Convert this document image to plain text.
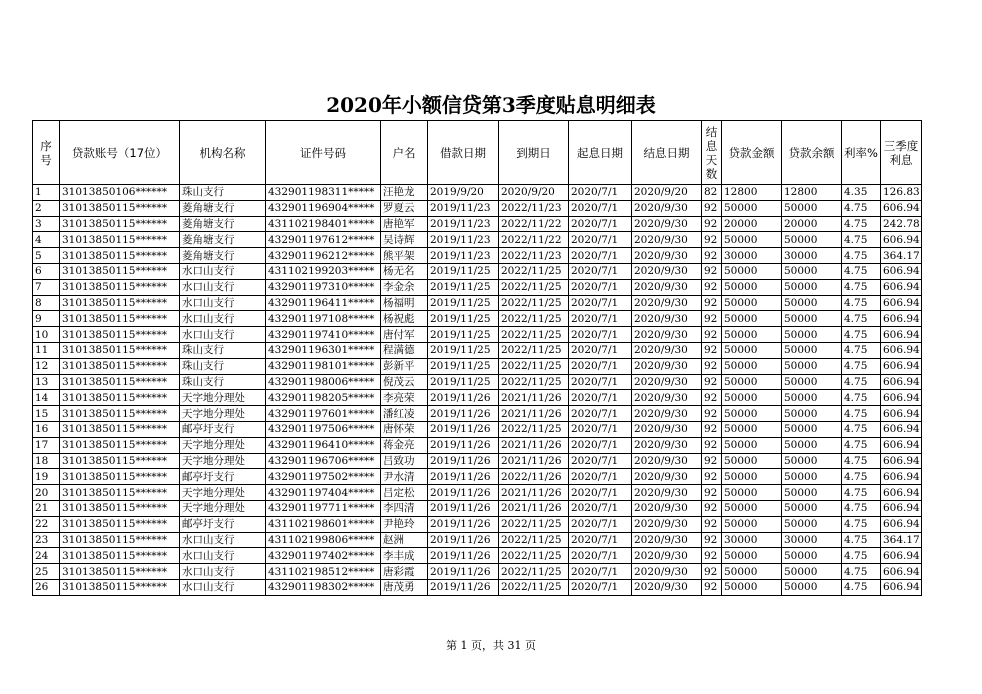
2020年小额信贷第3季度贴息明细表
序号	贷款账号（17位）	机构名称	证件号码	户名	借款日期	到期日	起息日期	结息日期	结息天数	贷款金额	贷款余额	利率%	三季度利息
1	31013850106******	珠山支行	432901198311*****	汪艳龙	2019/9/20	2020/9/20	2020/7/1	2020/9/20	82	12800	12800	4.35	126.83
2	31013850115******	菱角塘支行	432901196904*****	罗夏云	2019/11/23	2022/11/23	2020/7/1	2020/9/30	92	50000	50000	4.75	606.94
3	31013850115******	菱角塘支行	431102198401*****	唐艳军	2019/11/23	2022/11/22	2020/7/1	2020/9/30	92	20000	20000	4.75	242.78
4	31013850115******	菱角塘支行	432901197612*****	吴诗辉	2019/11/23	2022/11/22	2020/7/1	2020/9/30	92	50000	50000	4.75	606.94
5	31013850115******	菱角塘支行	432901196212*****	熊平架	2019/11/23	2022/11/23	2020/7/1	2020/9/30	92	30000	30000	4.75	364.17
6	31013850115******	水口山支行	431102199203*****	杨无名	2019/11/25	2022/11/25	2020/7/1	2020/9/30	92	50000	50000	4.75	606.94
7	31013850115******	水口山支行	432901197310*****	李金余	2019/11/25	2022/11/25	2020/7/1	2020/9/30	92	50000	50000	4.75	606.94
8	31013850115******	水口山支行	432901196411*****	杨福明	2019/11/25	2022/11/25	2020/7/1	2020/9/30	92	50000	50000	4.75	606.94
9	31013850115******	水口山支行	432901197108*****	杨祝彪	2019/11/25	2022/11/25	2020/7/1	2020/9/30	92	50000	50000	4.75	606.94
10	31013850115******	水口山支行	432901197410*****	唐付军	2019/11/25	2022/11/25	2020/7/1	2020/9/30	92	50000	50000	4.75	606.94
11	31013850115******	珠山支行	432901196301*****	程满德	2019/11/25	2022/11/25	2020/7/1	2020/9/30	92	50000	50000	4.75	606.94
12	31013850115******	珠山支行	432901198101*****	彭新平	2019/11/25	2022/11/25	2020/7/1	2020/9/30	92	50000	50000	4.75	606.94
13	31013850115******	珠山支行	432901198006*****	倪茂云	2019/11/25	2022/11/25	2020/7/1	2020/9/30	92	50000	50000	4.75	606.94
14	31013850115******	天字地分理处	432901198205*****	李亮荣	2019/11/26	2021/11/26	2020/7/1	2020/9/30	92	50000	50000	4.75	606.94
15	31013850115******	天字地分理处	432901197601*****	潘红凌	2019/11/26	2021/11/26	2020/7/1	2020/9/30	92	50000	50000	4.75	606.94
16	31013850115******	邮亭圩支行	432901197506*****	唐怀荣	2019/11/26	2022/11/25	2020/7/1	2020/9/30	92	50000	50000	4.75	606.94
17	31013850115******	天字地分理处	432901196410*****	蒋金亮	2019/11/26	2021/11/26	2020/7/1	2020/9/30	92	50000	50000	4.75	606.94
18	31013850115******	天字地分理处	432901196706*****	吕致功	2019/11/26	2021/11/26	2020/7/1	2020/9/30	92	50000	50000	4.75	606.94
19	31013850115******	邮亭圩支行	432901197502*****	尹水清	2019/11/26	2022/11/26	2020/7/1	2020/9/30	92	50000	50000	4.75	606.94
20	31013850115******	天字地分理处	432901197404*****	吕定松	2019/11/26	2021/11/26	2020/7/1	2020/9/30	92	50000	50000	4.75	606.94
21	31013850115******	天字地分理处	432901197711*****	李四清	2019/11/26	2021/11/26	2020/7/1	2020/9/30	92	50000	50000	4.75	606.94
22	31013850115******	邮亭圩支行	431102198601*****	尹艳玲	2019/11/26	2022/11/25	2020/7/1	2020/9/30	92	50000	50000	4.75	606.94
23	31013850115******	水口山支行	431102199806*****	赵洲	2019/11/26	2022/11/25	2020/7/1	2020/9/30	92	30000	30000	4.75	364.17
24	31013850115******	水口山支行	432901197402*****	李丰成	2019/11/26	2022/11/25	2020/7/1	2020/9/30	92	50000	50000	4.75	606.94
25	31013850115******	水口山支行	431102198512*****	唐彩霞	2019/11/26	2022/11/25	2020/7/1	2020/9/30	92	50000	50000	4.75	606.94
26	31013850115******	水口山支行	432901198302*****	唐茂勇	2019/11/26	2022/11/25	2020/7/1	2020/9/30	92	50000	50000	4.75	606.94
第 1 页，共 31 页
